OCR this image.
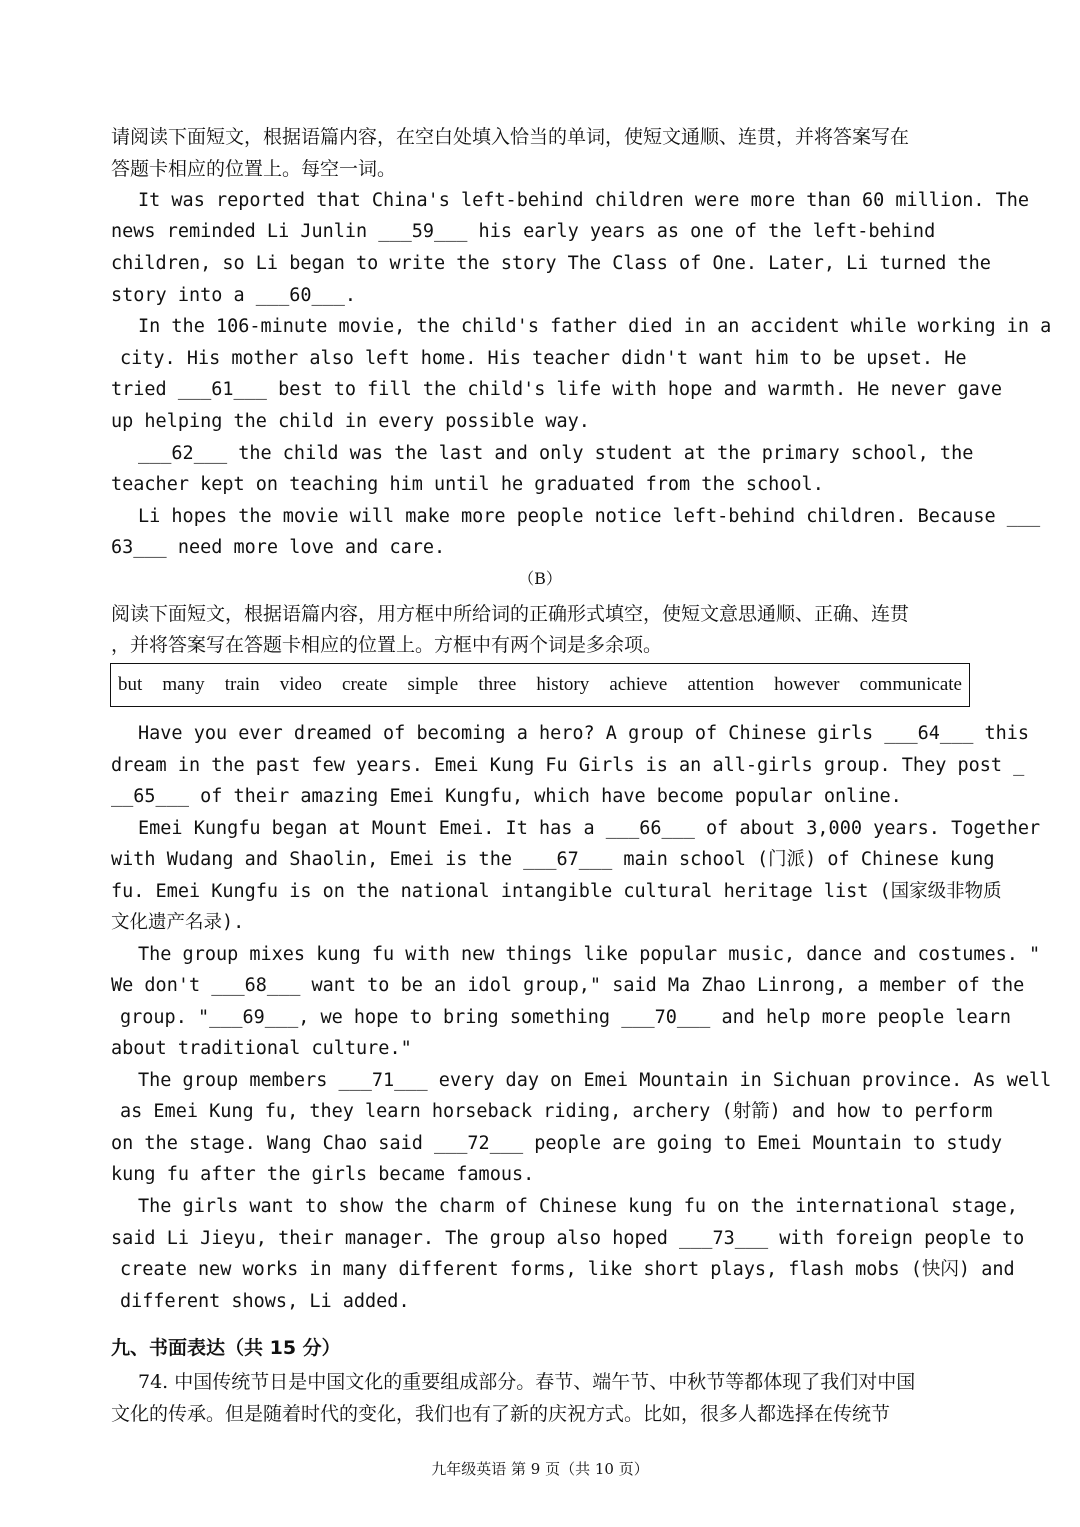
请阅读下面短文，根据语篇内容，在空白处填入恰当的单词，使短文通顺、连贯，并将答案写在
答题卡相应的位置上。每空一词。
It was reported that China's left-behind children were more than 60 million. The
news reminded Li Junlin ___59___ his early years as one of the left-behind
children, so Li began to write the story The Class of One. Later, Li turned the
story into a ___60___.
In the 106-minute movie, the child's father died in an accident while working in a
city. His mother also left home. His teacher didn't want him to be upset. He
tried ___61___ best to fill the child's life with hope and warmth. He never gave
up helping the child in every possible way.
___62___ the child was the last and only student at the primary school, the
teacher kept on teaching him until he graduated from the school.
Li hopes the movie will make more people notice left-behind children. Because ___
63___ need more love and care.
（B）
阅读下面短文，根据语篇内容，用方框中所给词的正确形式填空，使短文意思通顺、正确、连贯
，并将答案写在答题卡相应的位置上。方框中有两个词是多余项。
but many train video create simple three history achieve attention however communicate
Have you ever dreamed of becoming a hero? A group of Chinese girls ___64___ this
dream in the past few years. Emei Kung Fu Girls is an all-girls group. They post _
__65___ of their amazing Emei Kungfu, which have become popular online.
Emei Kungfu began at Mount Emei. It has a ___66___ of about 3,000 years. Together
with Wudang and Shaolin, Emei is the ___67___ main school (门派) of Chinese kung
fu. Emei Kungfu is on the national intangible cultural heritage list (国家级非物质
文化遗产名录).
The group mixes kung fu with new things like popular music, dance and costumes. "
We don't ___68___ want to be an idol group," said Ma Zhao Linrong, a member of the
group. "___69___, we hope to bring something ___70___ and help more people learn
about traditional culture."
The group members ___71___ every day on Emei Mountain in Sichuan province. As well
as Emei Kung fu, they learn horseback riding, archery (射箭) and how to perform
on the stage. Wang Chao said ___72___ people are going to Emei Mountain to study
kung fu after the girls became famous.
The girls want to show the charm of Chinese kung fu on the international stage,
said Li Jieyu, their manager. The group also hoped ___73___ with foreign people to
create new works in many different forms, like short plays, flash mobs (快闪) and
different shows, Li added.
九、书面表达（共 15 分）
74. 中国传统节日是中国文化的重要组成部分。春节、端午节、中秋节等都体现了我们对中国
文化的传承。但是随着时代的变化，我们也有了新的庆祝方式。比如，很多人都选择在传统节
九年级英语 第 9 页（共 10 页）
